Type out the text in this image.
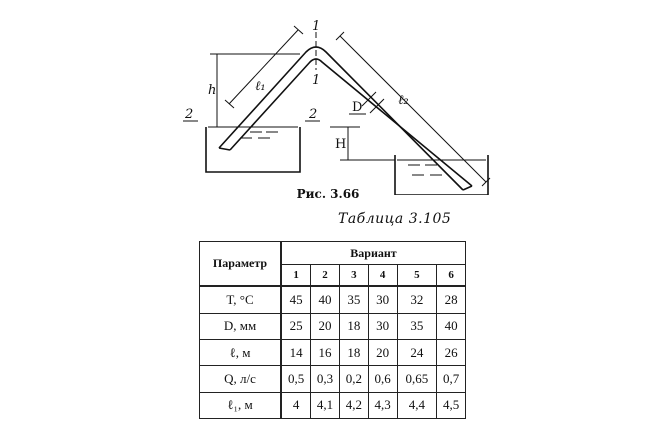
1
1
2	2
h
H
D
ℓ₁
ℓ₂
Рис. 3.66
Таблица 3.105
Параметр	Вариант					
	1	2	3	4	5	6
T, °C	45	40	35	30	32	28
D, мм	25	20	18	30	35	40
ℓ, м	14	16	18	20	24	26
Q, л/с	0,5	0,3	0,2	0,6	0,65	0,7
ℓ₁, м	4	4,1	4,2	4,3	4,4	4,5
